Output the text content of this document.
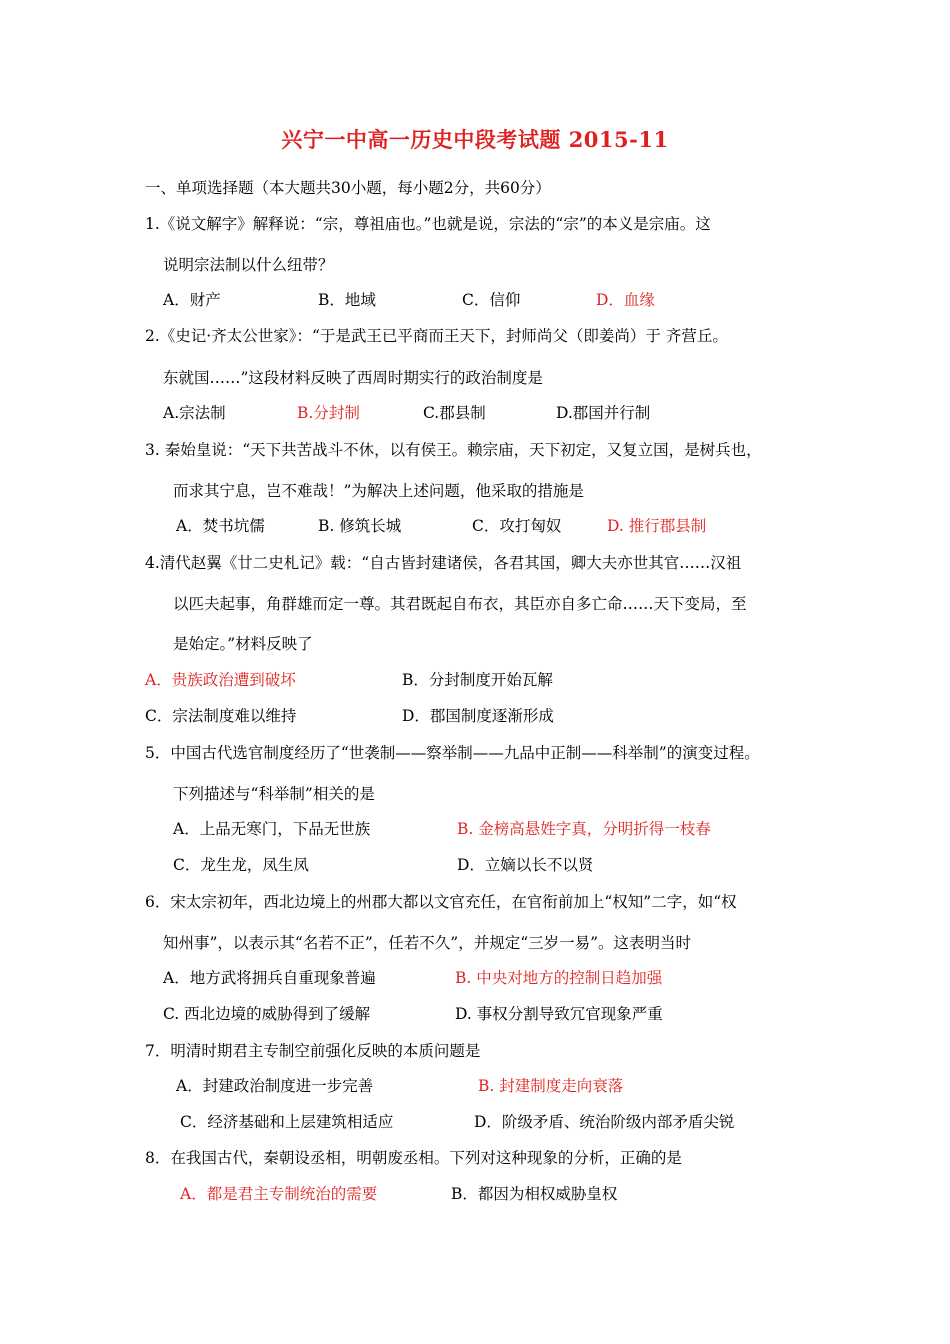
兴宁一中高一历史中段考试题 2015-11
一、单项选择题（本大题共30小题，每小题2分，共60分）
1.《说文解字》解释说：“宗，尊祖庙也。”也就是说，宗法的“宗”的本义是宗庙。这
说明宗法制以什么纽带？
A．财产	B．地域	C．信仰	D．血缘
2.《史记·齐太公世家》：“于是武王已平商而王天下，封师尚父（即姜尚）于 齐营丘。
东就国……”这段材料反映了西周时期实行的政治制度是
A.宗法制	B.分封制	C.郡县制	D.郡国并行制
3. 秦始皇说：“天下共苦战斗不休，以有侯王。赖宗庙，天下初定，又复立国，是树兵也，
而求其宁息，岂不难哉！”为解决上述问题，他采取的措施是
A．焚书坑儒	B. 修筑长城	C．攻打匈奴	D. 推行郡县制
4.清代赵翼《廿二史札记》载：“自古皆封建诸侯，各君其国，卿大夫亦世其官……汉祖
以匹夫起事，角群雄而定一尊。其君既起自布衣，其臣亦自多亡命……天下变局，至
是始定。”材料反映了
A．贵族政治遭到破坏	B．分封制度开始瓦解
C．宗法制度难以维持	D．郡国制度逐渐形成
5．中国古代选官制度经历了“世袭制——察举制——九品中正制——科举制”的演变过程。
下列描述与“科举制”相关的是
A．上品无寒门，下品无世族	B. 金榜高悬姓字真，分明折得一枝春
C．龙生龙，凤生凤	D．立嫡以长不以贤
6．宋太宗初年，西北边境上的州郡大都以文官充任，在官衔前加上“权知”二字，如“权
知州事”，以表示其“名若不正”，任若不久”，并规定“三岁一易”。这表明当时
A．地方武将拥兵自重现象普遍	B. 中央对地方的控制日趋加强
C. 西北边境的威胁得到了缓解	D. 事权分割导致冗官现象严重
7．明清时期君主专制空前强化反映的本质问题是
A．封建政治制度进一步完善	B. 封建制度走向衰落
C．经济基础和上层建筑相适应	D．阶级矛盾、统治阶级内部矛盾尖锐
8．在我国古代，秦朝设丞相，明朝废丞相。下列对这种现象的分析，正确的是
A．都是君主专制统治的需要	B．都因为相权威胁皇权
